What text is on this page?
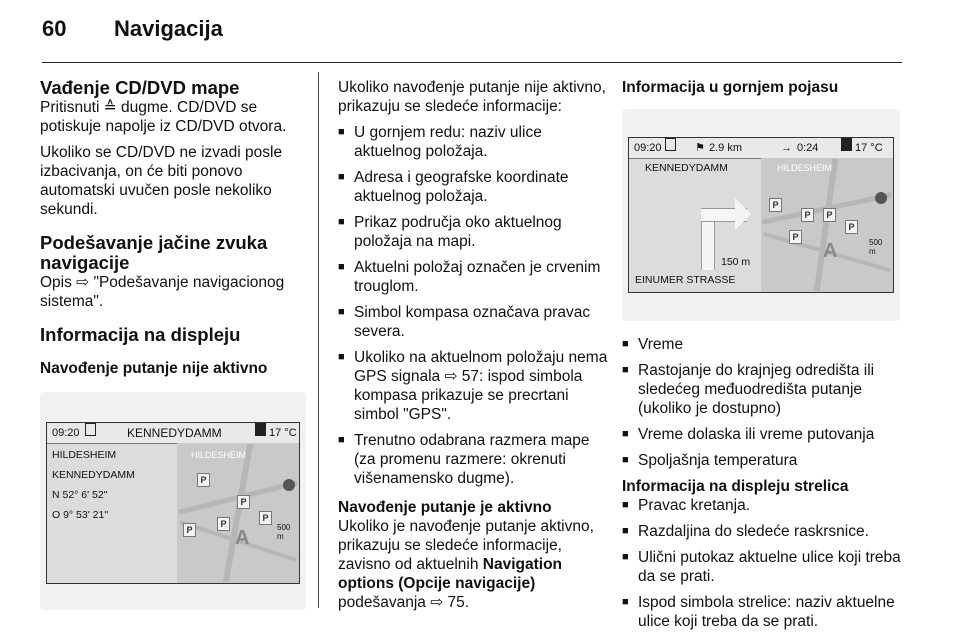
60 Navigacija
Vađenje CD/DVD mape

Pritisnuti ≙ dugme. CD/DVD se potiskuje napolje iz CD/DVD otvora.

Ukoliko se CD/DVD ne izvadi posle izbacivanja, on će biti ponovo automatski uvučen posle nekoliko sekundi.

Podešavanje jačine zvuka navigacije

Opis ⇨ "Podešavanje navigacionog sistema".

Informacija na displeju
Navođenje putanje nije aktivno
09:20	KENNEDYDAMM	17 °C
HILDESHEIM
KENNEDYDAMM
N 52° 6' 52"
O 9° 53' 21"
HILDESHEIM
P
P
P
P
P A	500 m

Ukoliko navođenje putanje nije aktivno, prikazuju se sledeće informacije:

■ U gornjem redu: naziv ulice aktuelnog položaja.
■ Adresa i geografske koordinate aktuelnog položaja.
■ Prikaz područja oko aktuelnog položaja na mapi.
■ Aktuelni položaj označen je crvenim trouglom.
■ Simbol kompasa označava pravac severa.
■ Ukoliko na aktuelnom položaju nema GPS signala ⇨ 57: ispod simbola kompasa prikazuje se precrtani simbol "GPS".
■ Trenutno odabrana razmera mape (za promenu razmere: okrenuti višenamensko dugme).
Navođenje putanje je aktivno

Ukoliko je navođenje putanje aktivno, prikazuju se sledeće informacije, zavisno od aktuelnih Navigation options (Opcije navigacije) podešavanja ⇨ 75.

Informacija u gornjem pojasu
09:20	⚑ 2.9 km	→ 0:24	17 °C
KENNEDYDAMM
150 m
EINUMER STRASSE
HILDESHEIM
P
P	P
P
P
A	500 m
■ Vreme
■ Rastojanje do krajnjeg odredišta ili sledećeg međuodredišta putanje (ukoliko je dostupno)
■ Vreme dolaska ili vreme putovanja
■ Spoljašnja temperatura
Informacija na displeju strelica
■ Pravac kretanja.
■ Razdaljina do sledeće raskrsnice.
■ Ulični putokaz aktuelne ulice koji treba da se prati.
■ Ispod simbola strelice: naziv aktuelne ulice koji treba da se prati.
